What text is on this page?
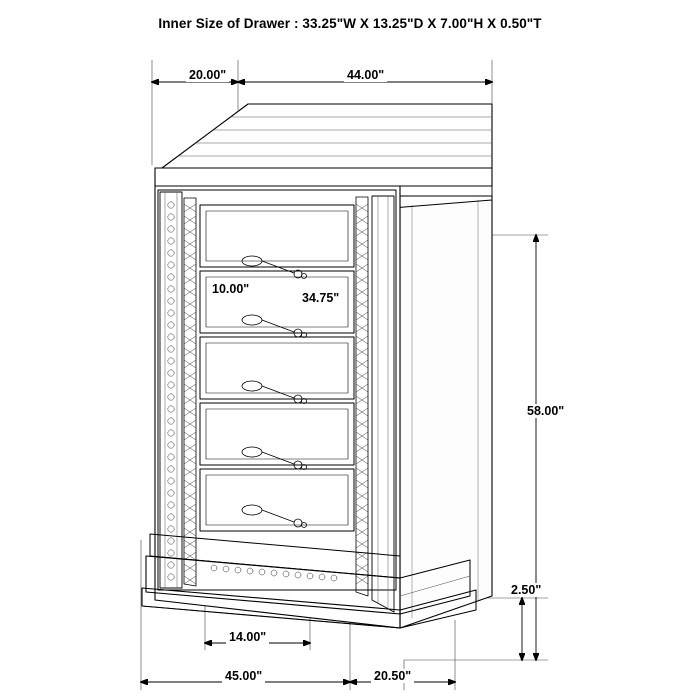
Inner Size of Drawer : 33.25"W X 13.25"D X 7.00"H X 0.50"T
20.00"	44.00"
10.00"
34.75"
58.00"
2.50"
14.00"
45.00"	20.50"
